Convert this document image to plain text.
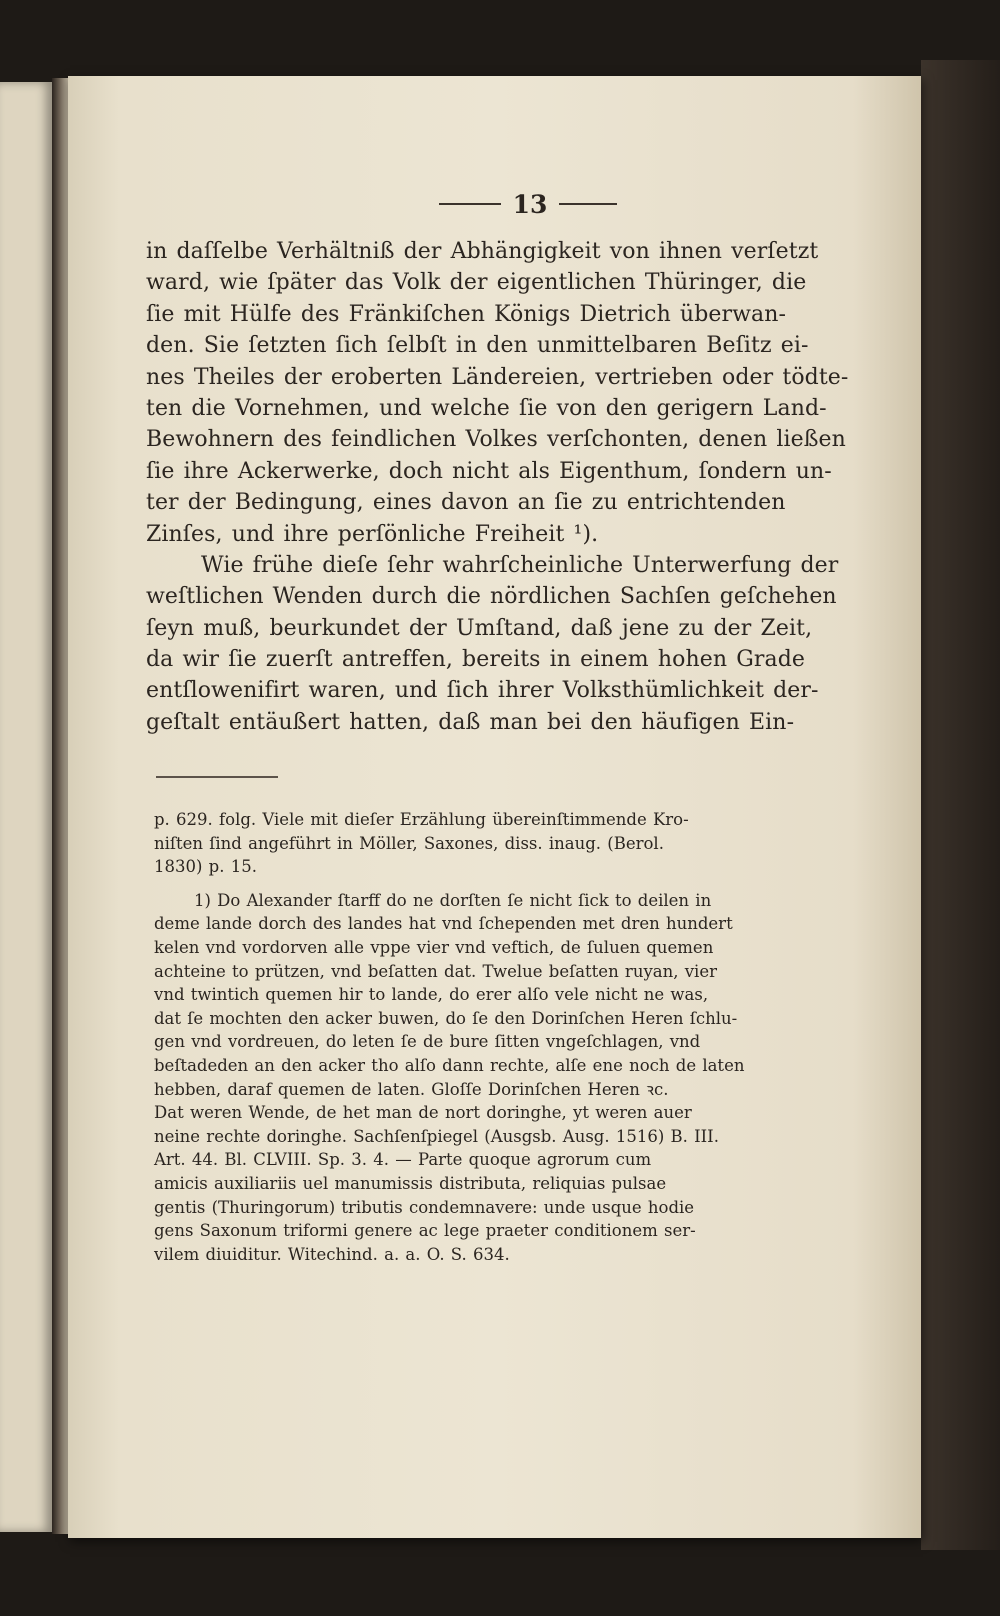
13
in daſſelbe Verhältniß der Abhängigkeit von ihnen verſetzt
ward, wie ſpäter das Volk der eigentlichen Thüringer, die
ſie mit Hülfe des Fränkiſchen Königs Dietrich überwan-
den. Sie ſetzten ſich ſelbſt in den unmittelbaren Beſitz ei-
nes Theiles der eroberten Ländereien, vertrieben oder tödte-
ten die Vornehmen, und welche ſie von den gerigern Land-
Bewohnern des feindlichen Volkes verſchonten, denen ließen
ſie ihre Ackerwerke, doch nicht als Eigenthum, ſondern un-
ter der Bedingung, eines davon an ſie zu entrichtenden
Zinſes, und ihre perſönliche Freiheit ¹).
Wie frühe dieſe ſehr wahrſcheinliche Unterwerfung der
weſtlichen Wenden durch die nördlichen Sachſen geſchehen
ſeyn muß, beurkundet der Umſtand, daß jene zu der Zeit,
da wir ſie zuerſt antreffen, bereits in einem hohen Grade
entſlowenifirt waren, und ſich ihrer Volksthümlichkeit der-
geſtalt entäußert hatten, daß man bei den häufigen Ein-
p. 629. folg. Viele mit dieſer Erzählung übereinſtimmende Kro-
niſten ſind angeführt in Möller, Saxones, diss. inaug. (Berol.
1830) p. 15.
1) Do Alexander ſtarff do ne dorſten ſe nicht ſick to deilen in
deme lande dorch des landes hat vnd ſchependen met dren hundert
kelen vnd vordorven alle vppe vier vnd veftich, de ſuluen quemen
achteine to prützen, vnd beſatten dat. Twelue beſatten ruyan, vier
vnd twintich quemen hir to lande, do erer alſo vele nicht ne was,
dat ſe mochten den acker buwen, do ſe den Dorinſchen Heren ſchlu-
gen vnd vordreuen, do leten ſe de bure ſitten vngeſchlagen, vnd
beſtadeden an den acker tho alſo dann rechte, alſe ene noch de laten
hebben, daraf quemen de laten. Gloſſe Dorinſchen Heren ꝛc.
Dat weren Wende, de het man de nort doringhe, yt weren auer
neine rechte doringhe. Sachſenſpiegel (Ausgsb. Ausg. 1516) B. III.
Art. 44. Bl. CLVIII. Sp. 3. 4. — Parte quoque agrorum cum
amicis auxiliariis uel manumissis distributa, reliquias pulsae
gentis (Thuringorum) tributis condemnavere: unde usque hodie
gens Saxonum triformi genere ac lege praeter conditionem ser-
vilem diuiditur. Witechind. a. a. O. S. 634.
